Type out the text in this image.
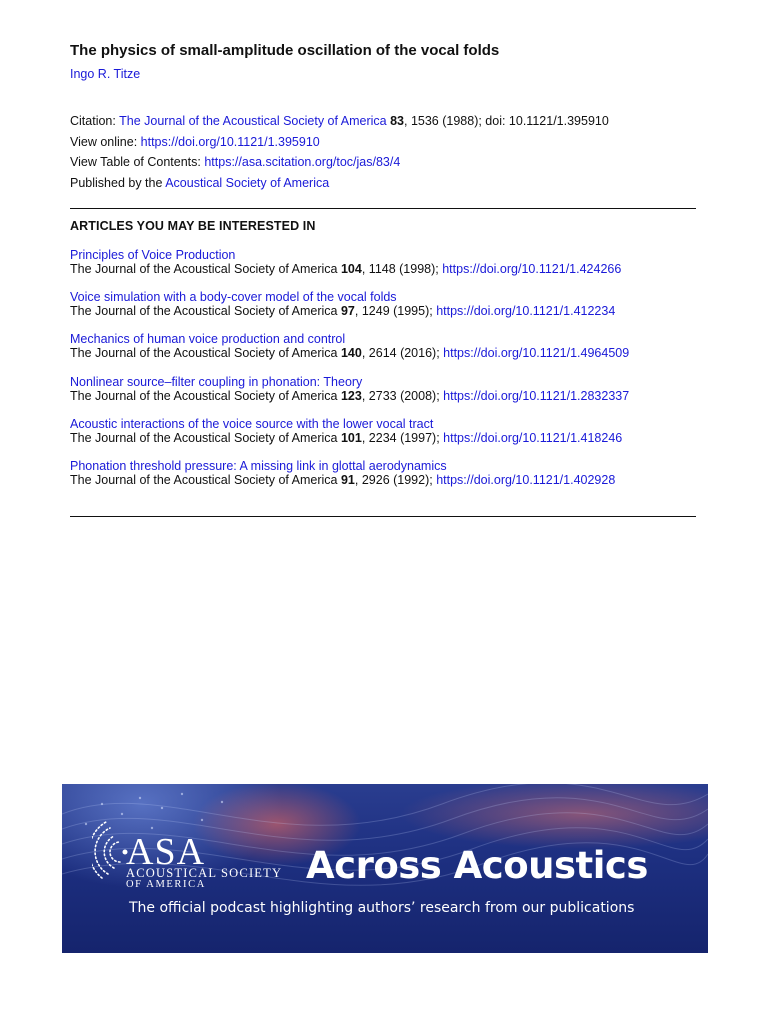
The physics of small-amplitude oscillation of the vocal folds
Ingo R. Titze
Citation: The Journal of the Acoustical Society of America 83, 1536 (1988); doi: 10.1121/1.395910
View online: https://doi.org/10.1121/1.395910
View Table of Contents: https://asa.scitation.org/toc/jas/83/4
Published by the Acoustical Society of America
ARTICLES YOU MAY BE INTERESTED IN
Principles of Voice Production
The Journal of the Acoustical Society of America 104, 1148 (1998); https://doi.org/10.1121/1.424266
Voice simulation with a body-cover model of the vocal folds
The Journal of the Acoustical Society of America 97, 1249 (1995); https://doi.org/10.1121/1.412234
Mechanics of human voice production and control
The Journal of the Acoustical Society of America 140, 2614 (2016); https://doi.org/10.1121/1.4964509
Nonlinear source–filter coupling in phonation: Theory
The Journal of the Acoustical Society of America 123, 2733 (2008); https://doi.org/10.1121/1.2832337
Acoustic interactions of the voice source with the lower vocal tract
The Journal of the Acoustical Society of America 101, 2234 (1997); https://doi.org/10.1121/1.418246
Phonation threshold pressure: A missing link in glottal aerodynamics
The Journal of the Acoustical Society of America 91, 2926 (1992); https://doi.org/10.1121/1.402928
ASA
ACOUSTICAL SOCIETY
OF AMERICA	Across Acoustics
The official podcast highlighting authors’ research from our publications
